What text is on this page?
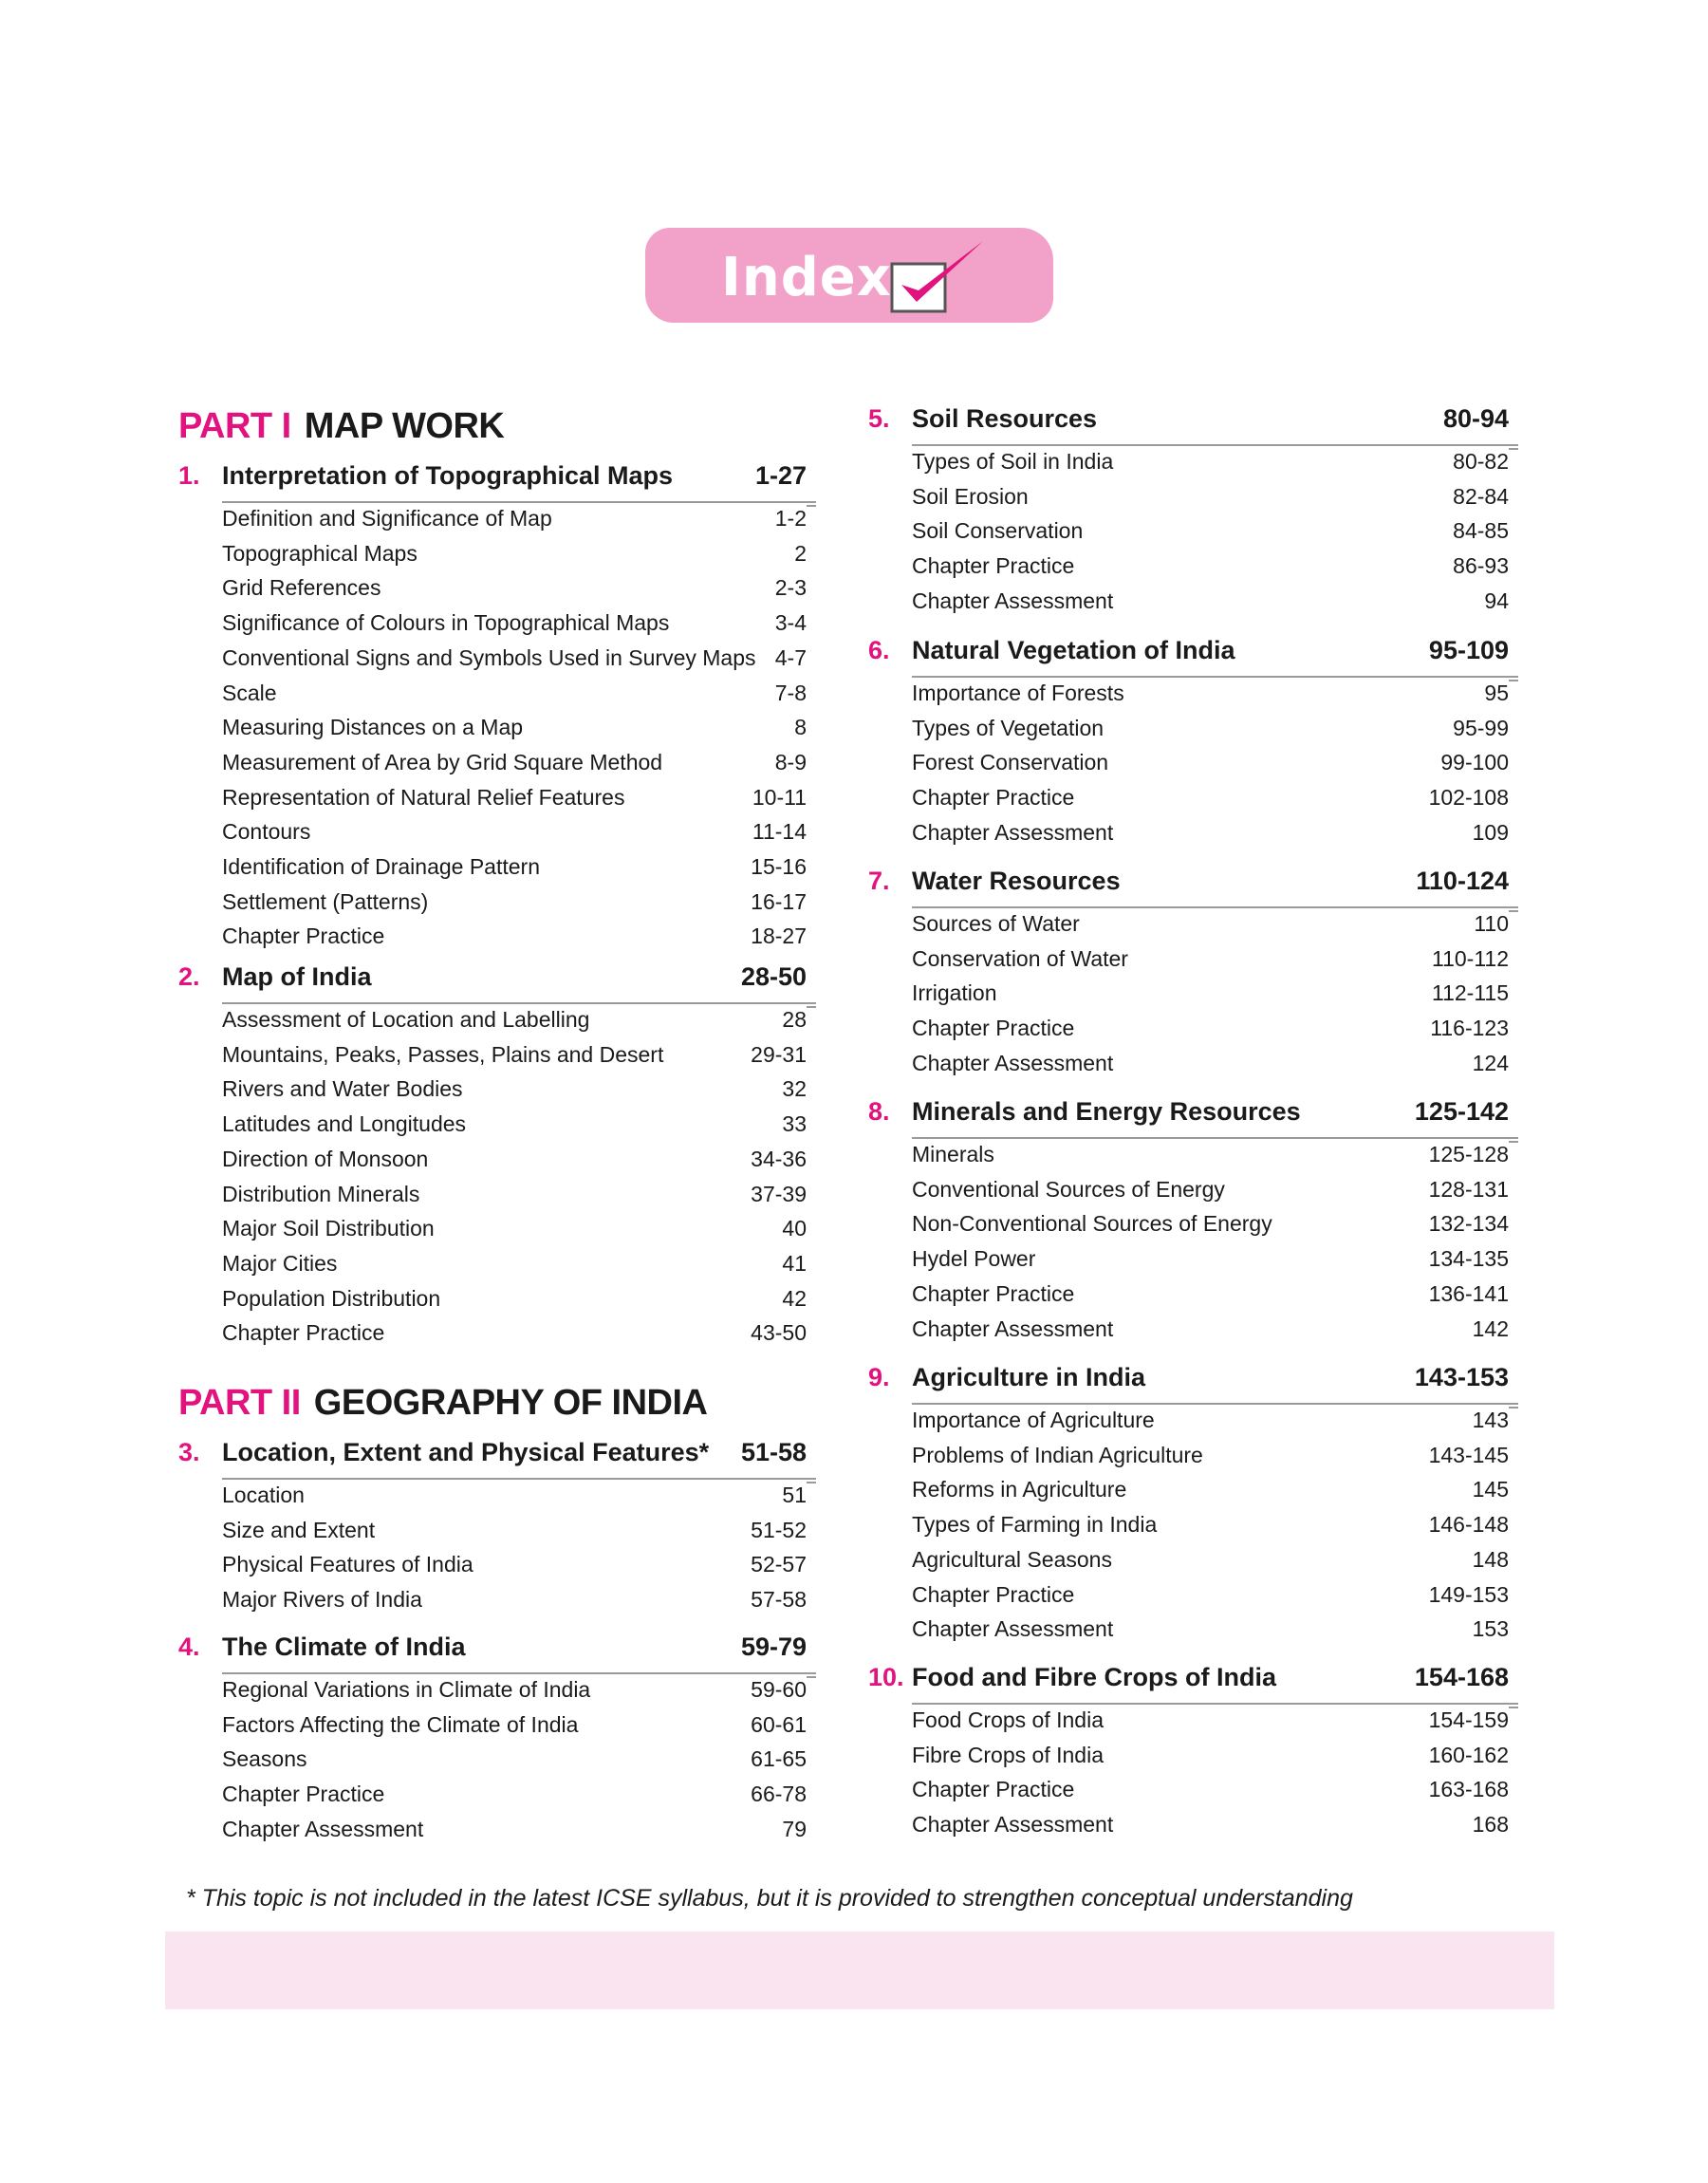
Index
PART I MAP WORK
1. Interpretation of Topographical Maps	1-27
Definition and Significance of Map	1-2
Topographical Maps	2
Grid References	2-3
Significance of Colours in Topographical Maps	3-4
Conventional Signs and Symbols Used in Survey Maps 4-7
Scale	7-8
Measuring Distances on a Map	8
Measurement of Area by Grid Square Method	8-9
Representation of Natural Relief Features	10-11
Contours	11-14
Identification of Drainage Pattern	15-16
Settlement (Patterns)	16-17
Chapter Practice	18-27
2. Map of India	28-50
Assessment of Location and Labelling	28
Mountains, Peaks, Passes, Plains and Desert	29-31
Rivers and Water Bodies	32
Latitudes and Longitudes	33
Direction of Monsoon	34-36
Distribution Minerals	37-39
Major Soil Distribution	40
Major Cities	41
Population Distribution	42
Chapter Practice	43-50
PART II GEOGRAPHY OF INDIA
3. Location, Extent and Physical Features* 51-58
Location	51
Size and Extent	51-52
Physical Features of India	52-57
Major Rivers of India	57-58
4. The Climate of India	59-79
Regional Variations in Climate of India	59-60
Factors Affecting the Climate of India	60-61
Seasons	61-65
Chapter Practice	66-78
Chapter Assessment	79
5. Soil Resources	80-94
Types of Soil in India	80-82
Soil Erosion	82-84
Soil Conservation	84-85
Chapter Practice	86-93
Chapter Assessment	94
6. Natural Vegetation of India	95-109
Importance of Forests	95
Types of Vegetation	95-99
Forest Conservation	99-100
Chapter Practice	102-108
Chapter Assessment	109
7. Water Resources	110-124
Sources of Water	110
Conservation of Water	110-112
Irrigation	112-115
Chapter Practice	116-123
Chapter Assessment	124
8. Minerals and Energy Resources	125-142
Minerals	125-128
Conventional Sources of Energy	128-131
Non-Conventional Sources of Energy	132-134
Hydel Power	134-135
Chapter Practice	136-141
Chapter Assessment	142
9. Agriculture in India	143-153
Importance of Agriculture	143
Problems of Indian Agriculture	143-145
Reforms in Agriculture	145
Types of Farming in India	146-148
Agricultural Seasons	148
Chapter Practice	149-153
Chapter Assessment	153
10. Food and Fibre Crops of India	154-168
Food Crops of India	154-159
Fibre Crops of India	160-162
Chapter Practice	163-168
Chapter Assessment	168
* This topic is not included in the latest ICSE syllabus, but it is provided to strengthen conceptual understanding
